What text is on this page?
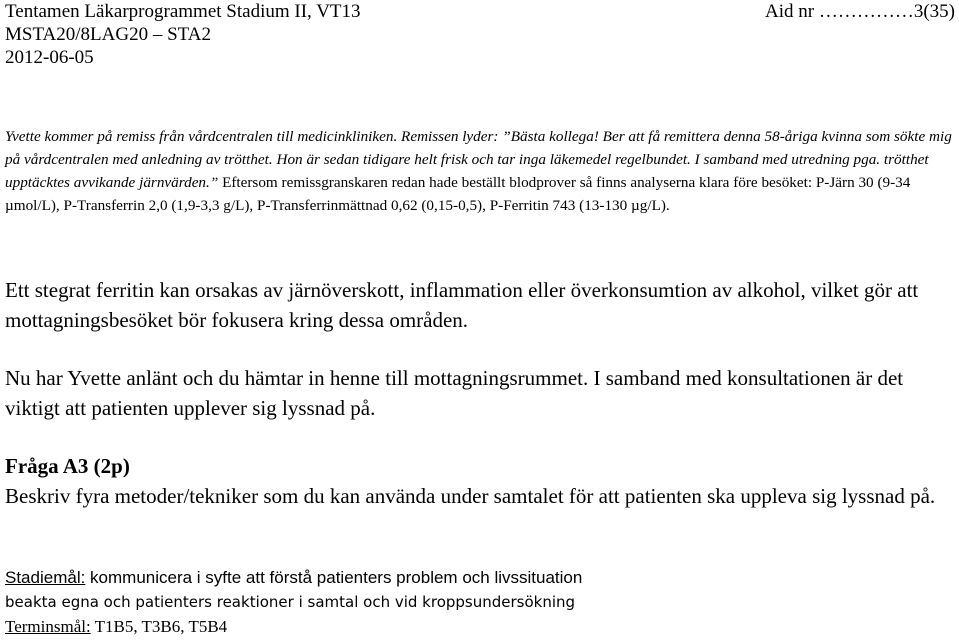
Tentamen Läkarprogrammet Stadium II, VT13
MSTA20/8LAG20 – STA2
2012-06-05
Aid nr ……………3(35)
Yvette kommer på remiss från vårdcentralen till medicinkliniken. Remissen lyder: ”Bästa kollega! Ber att få remittera denna 58-åriga kvinna som sökte mig på vårdcentralen med anledning av trötthet. Hon är sedan tidigare helt frisk och tar inga läkemedel regelbundet. I samband med utredning pga. trötthet upptäcktes avvikande järnvärden.” Eftersom remissgranskaren redan hade beställt blodprover så finns analyserna klara före besöket: P-Järn 30 (9-34 µmol/L), P-Transferrin 2,0 (1,9-3,3 g/L), P-Transferrinmättnad 0,62 (0,15-0,5), P-Ferritin 743 (13-130 µg/L).
Ett stegrat ferritin kan orsakas av järnöverskott, inflammation eller överkonsumtion av alkohol, vilket gör att mottagningsbesöket bör fokusera kring dessa områden.
Nu har Yvette anlänt och du hämtar in henne till mottagningsrummet. I samband med konsultationen är det viktigt att patienten upplever sig lyssnad på.
Fråga A3 (2p)
Beskriv fyra metoder/tekniker som du kan använda under samtalet för att patienten ska uppleva sig lyssnad på.
Stadiemål: kommunicera i syfte att förstå patienters problem och livssituation
beakta egna och patienters reaktioner i samtal och vid kroppsundersökning
Terminsmål: T1B5, T3B6, T5B4
